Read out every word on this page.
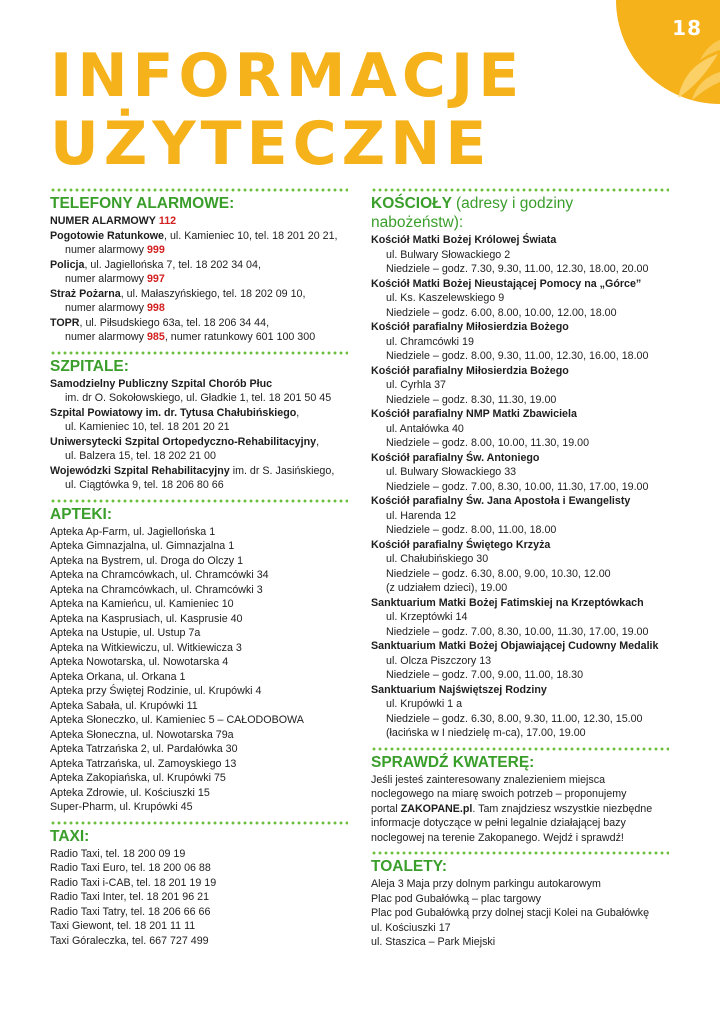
18
INFORMACJE
UŻYTECZNE
TELEFONY ALARMOWE:
NUMER ALARMOWY 112
Pogotowie Ratunkowe, ul. Kamieniec 10, tel. 18 201 20 21,
numer alarmowy 999
Policja, ul. Jagiellońska 7, tel. 18 202 34 04,
numer alarmowy 997
Straż Pożarna, ul. Małaszyńskiego, tel. 18 202 09 10,
numer alarmowy 998
TOPR, ul. Piłsudskiego 63a, tel. 18 206 34 44,
numer alarmowy 985, numer ratunkowy 601 100 300
SZPITALE:
Samodzielny Publiczny Szpital Chorób Płuc
im. dr O. Sokołowskiego, ul. Gładkie 1, tel. 18 201 50 45
Szpital Powiatowy im. dr. Tytusa Chałubińskiego,
ul. Kamieniec 10, tel. 18 201 20 21
Uniwersytecki Szpital Ortopedyczno-Rehabilitacyjny,
ul. Balzera 15, tel. 18 202 21 00
Wojewódzki Szpital Rehabilitacyjny im. dr S. Jasińskiego,
ul. Ciągtówka 9, tel. 18 206 80 66
APTEKI:
Apteka Ap-Farm, ul. Jagiellońska 1
Apteka Gimnazjalna, ul. Gimnazjalna 1
Apteka na Bystrem, ul. Droga do Olczy 1
Apteka na Chramcówkach, ul. Chramcówki 34
Apteka na Chramcówkach, ul. Chramcówki 3
Apteka na Kamieńcu, ul. Kamieniec 10
Apteka na Kasprusiach, ul. Kasprusie 40
Apteka na Ustupie, ul. Ustup 7a
Apteka na Witkiewiczu, ul. Witkiewicza 3
Apteka Nowotarska, ul. Nowotarska 4
Apteka Orkana, ul. Orkana 1
Apteka przy Świętej Rodzinie, ul. Krupówki 4
Apteka Sabała, ul. Krupówki 11
Apteka Słoneczko, ul. Kamieniec 5 – CAŁODOBOWA
Apteka Słoneczna, ul. Nowotarska 79a
Apteka Tatrzańska 2, ul. Pardałówka 30
Apteka Tatrzańska, ul. Zamoyskiego 13
Apteka Zakopiańska, ul. Krupówki 75
Apteka Zdrowie, ul. Kościuszki 15
Super-Pharm, ul. Krupówki 45
TAXI:
Radio Taxi, tel. 18 200 09 19
Radio Taxi Euro, tel. 18 200 06 88
Radio Taxi i-CAB, tel. 18 201 19 19
Radio Taxi Inter, tel. 18 201 96 21
Radio Taxi Tatry, tel. 18 206 66 66
Taxi Giewont, tel. 18 201 11 11
Taxi Góraleczka, tel. 667 727 499
KOŚCIOŁY (adresy i godziny nabożeństw):
Kościół Matki Bożej Królowej Świata
ul. Bulwary Słowackiego 2
Niedziele – godz. 7.30, 9.30, 11.00, 12.30, 18.00, 20.00
Kościół Matki Bożej Nieustającej Pomocy na „Górce”
ul. Ks. Kaszelewskiego 9
Niedziele – godz. 6.00, 8.00, 10.00, 12.00, 18.00
Kościół parafialny Miłosierdzia Bożego
ul. Chramcówki 19
Niedziele – godz. 8.00, 9.30, 11.00, 12.30, 16.00, 18.00
Kościół parafialny Miłosierdzia Bożego
ul. Cyrhla 37
Niedziele – godz. 8.30, 11.30, 19.00
Kościół parafialny NMP Matki Zbawiciela
ul. Antałówka 40
Niedziele – godz. 8.00, 10.00, 11.30, 19.00
Kościół parafialny Św. Antoniego
ul. Bulwary Słowackiego 33
Niedziele – godz. 7.00, 8.30, 10.00, 11.30, 17.00, 19.00
Kościół parafialny Św. Jana Apostoła i Ewangelisty
ul. Harenda 12
Niedziele – godz. 8.00, 11.00, 18.00
Kościół parafialny Świętego Krzyża
ul. Chałubińskiego 30
Niedziele – godz. 6.30, 8.00, 9.00, 10.30, 12.00
(z udziałem dzieci), 19.00
Sanktuarium Matki Bożej Fatimskiej na Krzeptówkach
ul. Krzeptówki 14
Niedziele – godz. 7.00, 8.30, 10.00, 11.30, 17.00, 19.00
Sanktuarium Matki Bożej Objawiającej Cudowny Medalik
ul. Olcza Piszczory 13
Niedziele – godz. 7.00, 9.00, 11.00, 18.30
Sanktuarium Najświętszej Rodziny
ul. Krupówki 1 a
Niedziele – godz. 6.30, 8.00, 9.30, 11.00, 12.30, 15.00
(łacińska w I niedzielę m-ca), 17.00, 19.00
SPRAWDŹ KWATERĘ:
Jeśli jesteś zainteresowany znalezieniem miejsca
noclegowego na miarę swoich potrzeb – proponujemy
portal ZAKOPANE.pl. Tam znajdziesz wszystkie niezbędne
informacje dotyczące w pełni legalnie działającej bazy
noclegowej na terenie Zakopanego. Wejdź i sprawdź!
TOALETY:
Aleja 3 Maja przy dolnym parkingu autokarowym
Plac pod Gubałówką – plac targowy
Plac pod Gubałówką przy dolnej stacji Kolei na Gubałówkę
ul. Kościuszki 17
ul. Staszica – Park Miejski
